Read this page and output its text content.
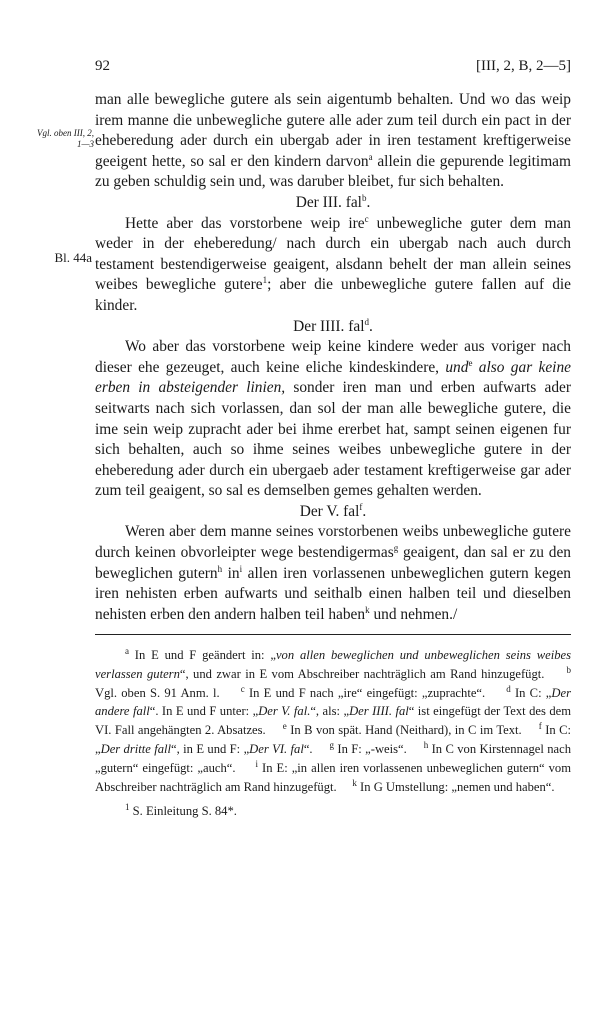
92	[III, 2, B, 2—5]
Vgl. oben III, 2,
1—3
Bl. 44a

man alle bewegliche gutere als sein aigentumb behalten. Und wo das weip irem manne die unbewegliche gutere alle ader zum teil durch ein pact in der eheberedung ader durch ein ubergab ader in iren testament kreftigerweise geeigent hette, so sal er den kindern darvon$^a$ allein die gepurende legitimam zu geben schuldig sein und, was daruber bleibet, fur sich behalten.

Der III. fal$^b$.

Hette aber das vorstorbene weip ire$^c$ unbewegliche guter dem man weder in der eheberedung/ nach durch ein ubergab nach auch durch testament bestendigerweise geaigent, alsdann behelt der man allein seines weibes bewegliche gutere$^1$; aber die unbewegliche gutere fallen auf die kinder.

Der IIII. fal$^d$.

Wo aber das vorstorbene weip keine kindere weder aus voriger nach dieser ehe gezeuget, auch keine eliche kindeskindere, und$^e$ also gar keine erben in absteigender linien, sonder iren man und erben aufwarts ader seitwarts nach sich vorlassen, dan sol der man alle bewegliche gutere, die ime sein weip zupracht ader bei ihme ererbet hat, sampt seinen eigenen fur sich behalten, auch so ihme seines weibes unbewegliche gutere in der eheberedung ader durch ein ubergaeb ader testament kreftigerweise gar ader zum teil geaigent, so sal es demselben gemes gehalten werden.

Der V. fal$^f$.

Weren aber dem manne seines vorstorbenen weibs unbewegliche gutere durch keinen obvorleipter wege bestendigermas$^g$ geaigent, dan sal er zu den beweglichen gutern$^h$ $in^i$ allen iren vorlassenen unbeweglichen gutern kegen iren nehisten erben aufwarts und seithalb einen halben teil und dieselben nehisten erben den andern halben teil haben$^k$ und nehmen./

$^a$ In E und F geändert in: „von allen beweglichen und unbeweglichen seins weibes verlassen gutern“, und zwar in E vom Abschreiber nachträglich am Rand hinzugefügt. $^b$ Vgl. oben S. 91 Anm. l. $^c$ In E und F nach „ire“ eingefügt: „zuprachte“. $^d$ In C: „Der andere fall“. In E und F unter: „Der V. fal.“, als: „Der IIII. fal“ ist eingefügt der Text des dem VI. Fall angehängten 2. Absatzes. $^e$ In B von spät. Hand (Neithard), in C im Text. $^f$ In C: „Der dritte fall“, in E und F: „Der VI. fal“. $^g$ In F: „-weis“. $^h$ In C von Kirstennagel nach „gutern“ eingefügt: „auch“. $^i$ In E: „in allen iren vorlassenen unbeweglichen gutern“ vom Abschreiber nachträglich am Rand hinzugefügt. $^k$ In G Umstellung: „nemen und haben“.

$^1$ S. Einleitung S. 84*.
